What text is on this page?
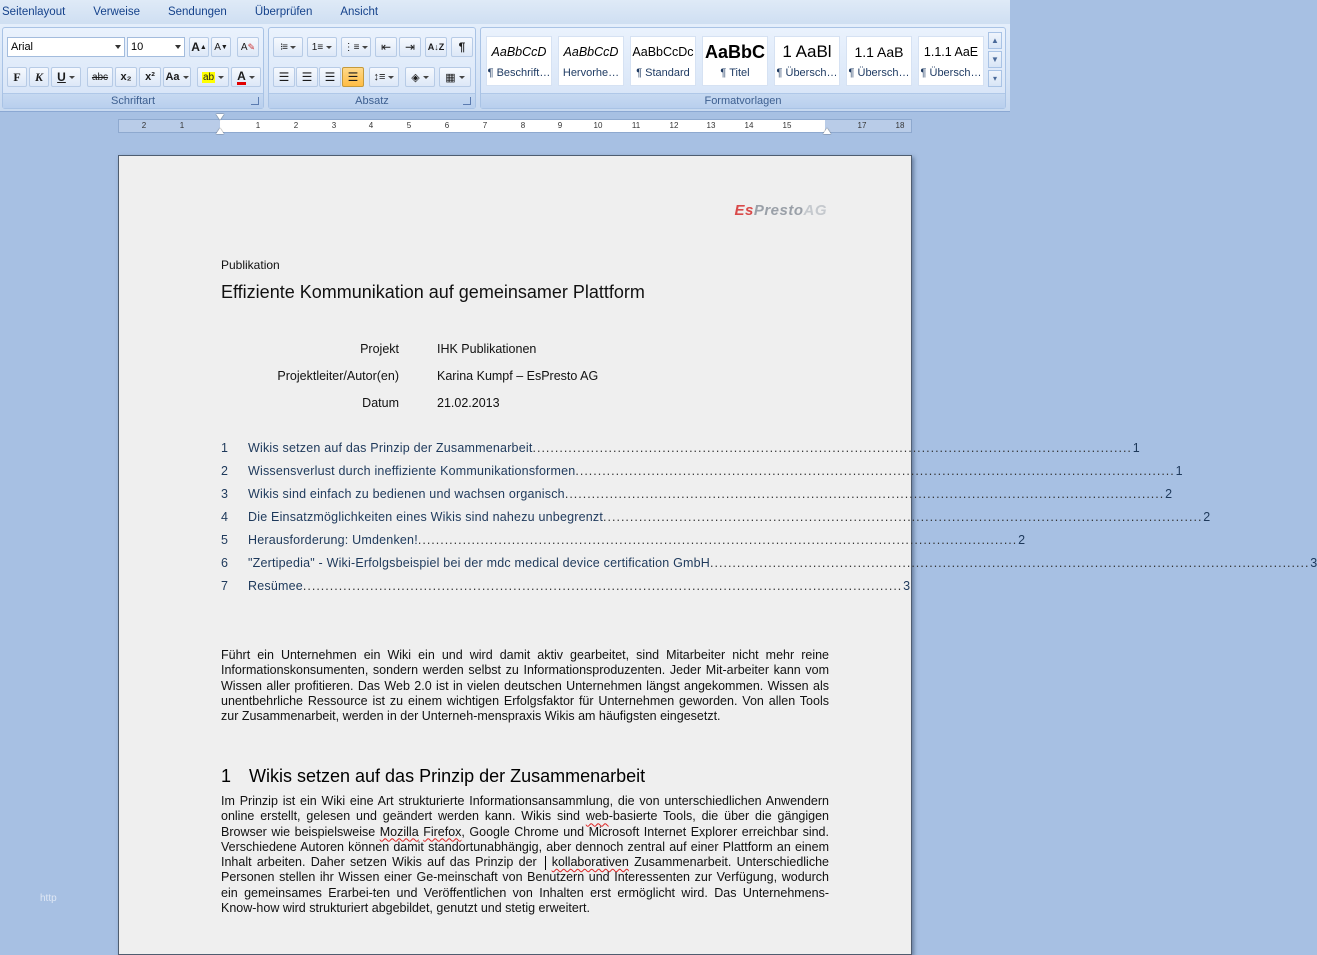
Seitenlayout	Verweise	Sendungen	Überprüfen	Ansicht
Arial	10	A ▲ A ▼ A ✎
F K U	abc x₂ x² Aa ab A
Schriftart
⁝≡ 1≡ ⋮≡ ⇤ ⇥ A↓Z ¶
☰ ☰ ☰ ☰ ↕≡ ◈ ▦
Absatz
AaBbCcD
¶ Beschrift…
AaBbCcD
Hervorhe…
AaBbCcDc
¶ Standard
AaBbC
¶ Titel
1 AaBl
¶ Übersch…
1.1 AaB
¶ Übersch…
1.1.1 AaE
¶ Übersch…
▲
▼
▾
Formatvorlagen
2	1	1	2	3	4	5	6	7	8	9	10	11	12	13	14	15	17	18
http
EsPrestoAG
Publikation
Effiziente Kommunikation auf gemeinsamer Plattform
Projekt	IHK Publikationen
Projektleiter/Autor(en)	Karina Kumpf – EsPresto AG
Datum	21.02.2013
1	Wikis setzen auf das Prinzip der Zusammenarbeit ...................................................................................................................................... 1
2	Wissensverlust durch ineffiziente Kommunikationsformen ...................................................................................................................................... 1
3	Wikis sind einfach zu bedienen und wachsen organisch ...................................................................................................................................... 2
4	Die Einsatzmöglichkeiten eines Wikis sind nahezu unbegrenzt ...................................................................................................................................... 2
5	Herausforderung: Umdenken! ...................................................................................................................................... 2
6	"Zertipedia" - Wiki-Erfolgsbeispiel bei der mdc medical device certification GmbH ...................................................................................................................................... 3
7	Resümee ...................................................................................................................................... 3
Führt ein Unternehmen ein Wiki ein und wird damit aktiv gearbeitet, sind Mitarbeiter nicht mehr reine Informationskonsumenten, sondern werden selbst zu Informationsproduzenten. Jeder Mit-arbeiter kann vom Wissen aller profitieren. Das Web 2.0 ist in vielen deutschen Unternehmen längst angekommen. Wissen als unentbehrliche Ressource ist zu einem wichtigen Erfolgsfaktor für Unternehmen geworden. Von allen Tools zur Zusammenarbeit, werden in der Unterneh-menspraxis Wikis am häufigsten eingesetzt.
1 Wikis setzen auf das Prinzip der Zusammenarbeit
Im Prinzip ist ein Wiki eine Art strukturierte Informationsansammlung, die von unterschiedlichen Anwendern online erstellt, gelesen und geändert werden kann. Wikis sind web-basierte Tools, die über die gängigen Browser wie beispielsweise Mozilla Firefox, Google Chrome und Microsoft Internet Explorer erreichbar sind. Verschiedene Autoren können damit standortunabhängig, aber dennoch zentral auf einer Plattform an einem Inhalt arbeiten. Daher setzen Wikis auf das Prinzip der  kollaborativen Zusammenarbeit. Unterschiedliche Personen stellen ihr Wissen einer Ge-meinschaft von Benutzern und Interessenten zur Verfügung, wodurch ein gemeinsames Erarbei-ten und Veröffentlichen von Inhalten erst ermöglicht wird. Das Unternehmens-Know-how wird strukturiert abgebildet, genutzt und stetig erweitert.
